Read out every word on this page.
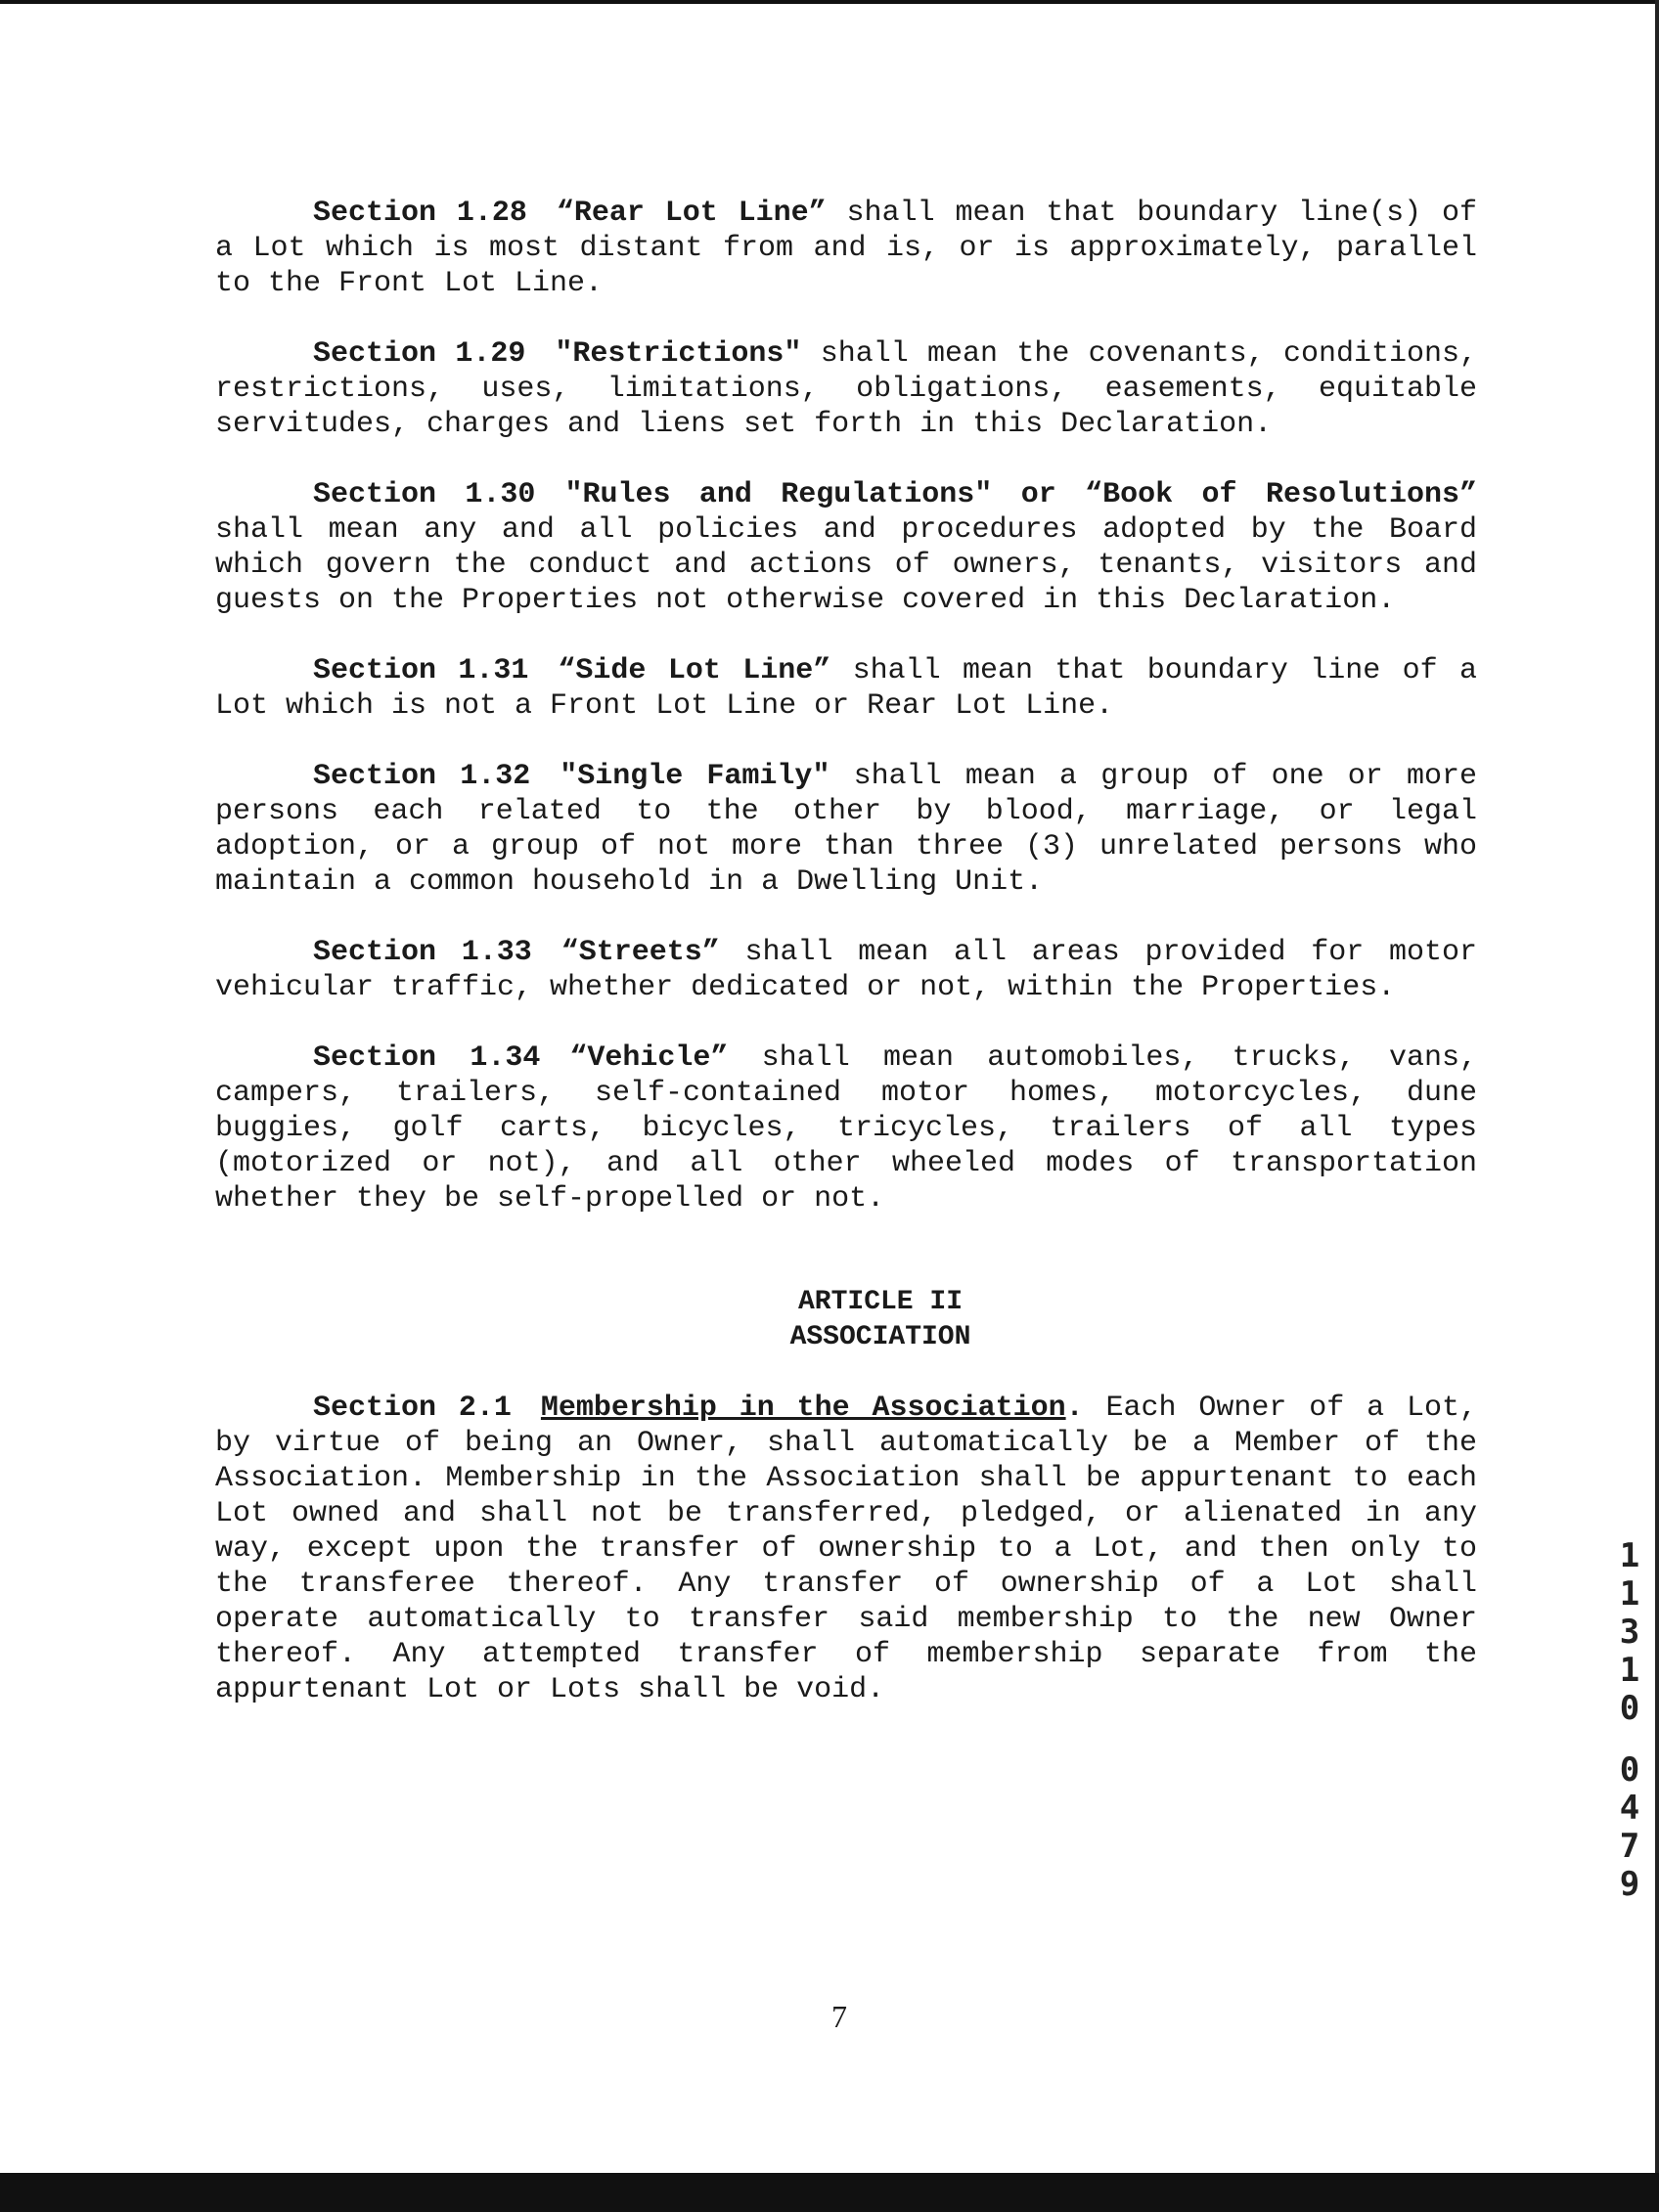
Section 1.28 “Rear Lot Line” shall mean that boundary line(s) of a Lot which is most distant from and is, or is approximately, parallel to the Front Lot Line.

Section 1.29 "Restrictions" shall mean the covenants, conditions, restrictions, uses, limitations, obligations, easements, equitable servitudes, charges and liens set forth in this Declaration.

Section 1.30 "Rules and Regulations" or “Book of Resolutions” shall mean any and all policies and procedures adopted by the Board which govern the conduct and actions of owners, tenants, visitors and guests on the Properties not otherwise covered in this Declaration.

Section 1.31 “Side Lot Line” shall mean that boundary line of a Lot which is not a Front Lot Line or Rear Lot Line.

Section 1.32 "Single Family" shall mean a group of one or more persons each related to the other by blood, marriage, or legal adoption, or a group of not more than three (3) unrelated persons who maintain a common household in a Dwelling Unit.

Section 1.33 “Streets” shall mean all areas provided for motor vehicular traffic, whether dedicated or not, within the Properties.

Section 1.34 “Vehicle” shall mean automobiles, trucks, vans, campers, trailers, self-contained motor homes, motorcycles, dune buggies, golf carts, bicycles, tricycles, trailers of all types (motorized or not), and all other wheeled modes of transportation whether they be self-propelled or not.

ARTICLE II
ASSOCIATION

Section 2.1 Membership in the Association. Each Owner of a Lot, by virtue of being an Owner, shall automatically be a Member of the Association. Membership in the Association shall be appurtenant to each Lot owned and shall not be transferred, pledged, or alienated in any way, except upon the transfer of ownership to a Lot, and then only to the transferee thereof. Any transfer of ownership of a Lot shall operate automatically to transfer said membership to the new Owner thereof. Any attempted transfer of membership separate from the appurtenant Lot or Lots shall be void.

1
1
3
1
0
0
4
7
9
7
